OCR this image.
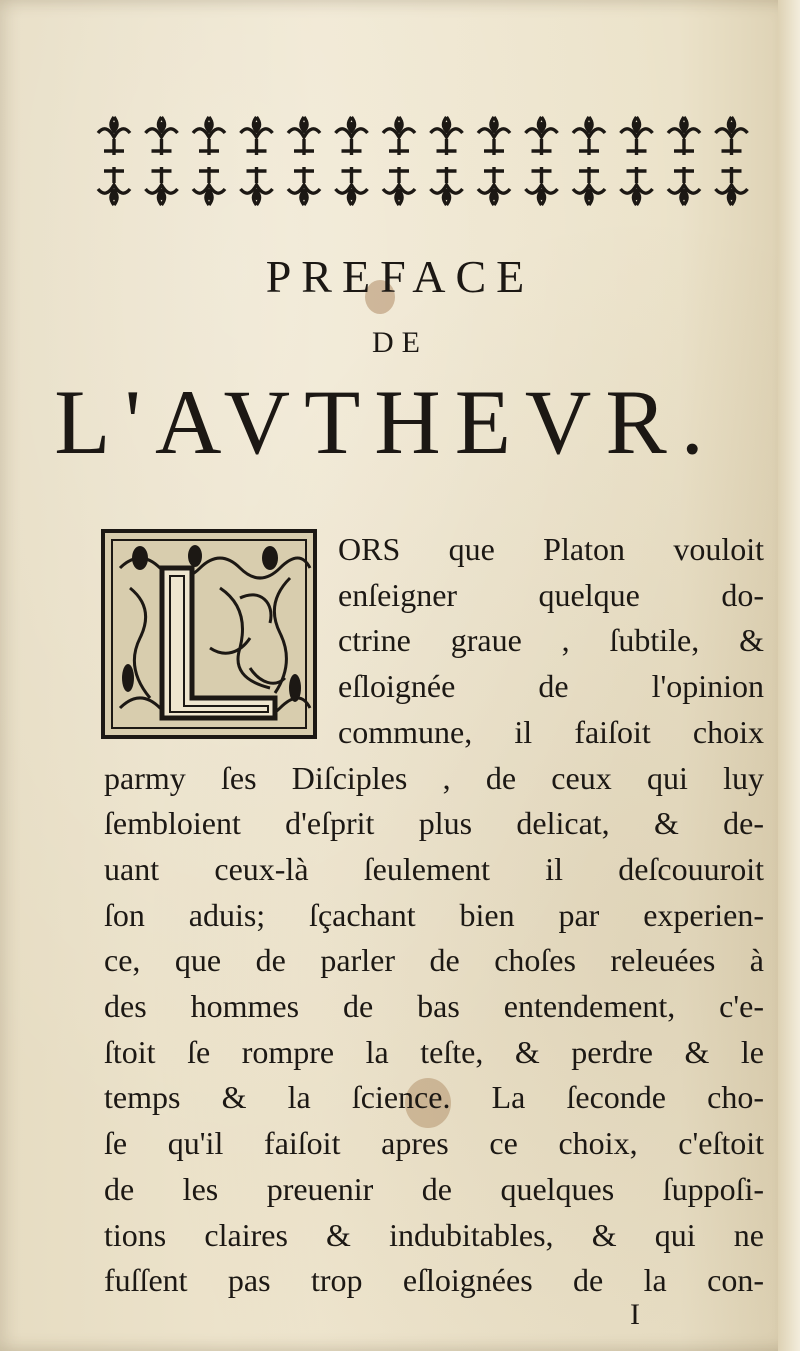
PREFACE
DE
L'AVTHEVR.
ORS que Platon vouloit
enſeigner quelque do-
ctrine graue , ſubtile, &
eſloignée de l'opinion
commune, il faiſoit choix
parmy ſes Diſciples , de ceux qui luy
ſembloient d'eſprit plus delicat, & de-
uant ceux-là ſeulement il deſcouuroit
ſon aduis; ſçachant bien par experien-
ce, que de parler de choſes releuées à
des hommes de bas entendement, c'e-
ſtoit ſe rompre la teſte, & perdre & le
temps & la ſcience. La ſeconde cho-
ſe qu'il faiſoit apres ce choix, c'eſtoit
de les preuenir de quelques ſuppoſi-
tions claires & indubitables, & qui ne
fuſſent pas trop eſloignées de la con-
I
